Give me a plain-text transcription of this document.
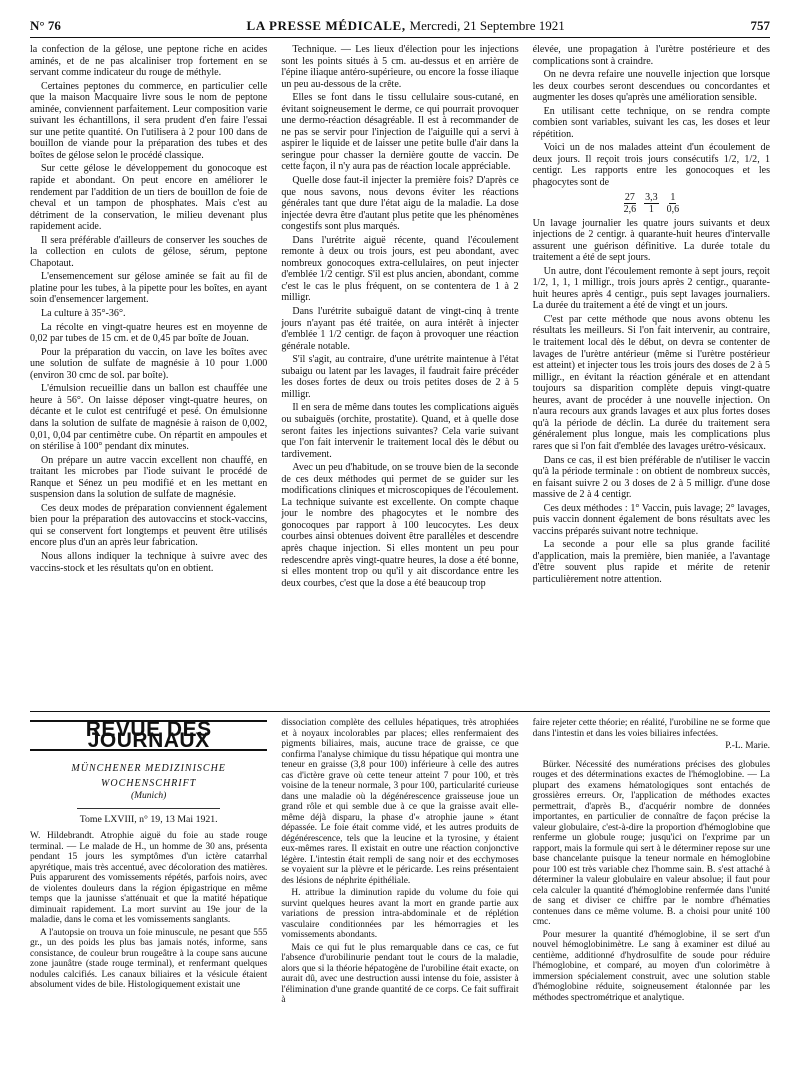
N° 76	LA PRESSE MÉDICALE, Mercredi, 21 Septembre 1921	757

la confection de la gélose, une peptone riche en acides aminés, et de ne pas alcaliniser trop fortement en se servant comme indicateur du rouge de méthyle.

Certaines peptones du commerce, en particulier celle que la maison Macquaire livre sous le nom de peptone aminée, conviennent parfaitement. Leur composition varie suivant les échantillons, il sera prudent d'en faire l'essai sur une petite quantité. On l'utilisera à 2 pour 100 dans de bouillon de viande pour la préparation des tubes et des boîtes de gélose selon le procédé classique.

Sur cette gélose le développement du gonocoque est rapide et abondant. On peut encore en améliorer le rendement par l'addition de un tiers de bouillon de foie de cheval et un tampon de phosphates. Mais c'est au détriment de la conservation, le milieu devenant plus rapidement acide.

Il sera préférable d'ailleurs de conserver les souches de la collection en culots de gélose, sérum, peptone Chapotaut.

L'ensemencement sur gélose aminée se fait au fil de platine pour les tubes, à la pipette pour les boîtes, en ayant soin d'ensemencer largement.

La culture à 35°-36°.

La récolte en vingt-quatre heures est en moyenne de 0,02 par tubes de 15 cm. et de 0,45 par boîte de Jouan.

Pour la préparation du vaccin, on lave les boîtes avec une solution de sulfate de magnésie à 10 pour 1.000 (environ 30 cmc de sol. par boîte).

L'émulsion recueillie dans un ballon est chauffée une heure à 56°. On laisse déposer vingt-quatre heures, on décante et le culot est centrifugé et pesé. On émulsionne dans la solution de sulfate de magnésie à raison de 0,002, 0,01, 0,04 par centimètre cube. On répartit en ampoules et on stérilise à 100° pendant dix minutes.

On prépare un autre vaccin excellent non chauffé, en traitant les microbes par l'iode suivant le procédé de Ranque et Sénez un peu modifié et en les mettant en suspension dans la solution de sulfate de magnésie.

Ces deux modes de préparation conviennent également bien pour la préparation des autovaccins et stock-vaccins, qui se conservent fort longtemps et peuvent être utilisés encore plus d'un an après leur fabrication.

Nous allons indiquer la technique à suivre avec des vaccins-stock et les résultats qu'on en obtient.

Technique. — Les lieux d'élection pour les injections sont les points situés à 5 cm. au-dessus et en arrière de l'épine iliaque antéro-supérieure, ou encore la fosse iliaque un peu au-dessous de la crête.

Elles se font dans le tissu cellulaire sous-cutané, en évitant soigneusement le derme, ce qui pourrait provoquer une dermo-réaction désagréable. Il est à recommander de ne pas se servir pour l'injection de l'aiguille qui a servi à aspirer le liquide et de laisser une petite bulle d'air dans la seringue pour chasser la dernière goutte de vaccin. De cette façon, il n'y aura pas de réaction locale appréciable.

Quelle dose faut-il injecter la première fois? D'après ce que nous savons, nous devons éviter les réactions générales tant que dure l'état aigu de la maladie. La dose injectée devra être d'autant plus petite que les phénomènes congestifs sont plus marqués.

Dans l'urétrite aiguë récente, quand l'écoulement remonte à deux ou trois jours, est peu abondant, avec nombreux gonocoques extra-cellulaires, on peut injecter d'emblée 1/2 centigr. S'il est plus ancien, abondant, comme c'est le cas le plus fréquent, on se contentera de 1 à 2 milligr.

Dans l'urétrite subaiguë datant de vingt-cinq à trente jours n'ayant pas été traitée, on aura intérêt à injecter d'emblée 1 1/2 centigr. de façon à provoquer une réaction générale notable.

S'il s'agit, au contraire, d'une urétrite maintenue à l'état subaigu ou latent par les lavages, il faudrait faire précéder les doses fortes de deux ou trois petites doses de 2 à 5 milligr.

Il en sera de même dans toutes les complications aiguës ou subaiguës (orchite, prostatite). Quand, et à quelle dose seront faites les injections suivantes? Cela varie suivant que l'on fait intervenir le traitement local dès le début ou tardivement.

Avec un peu d'habitude, on se trouve bien de la seconde de ces deux méthodes qui permet de se guider sur les modifications cliniques et microscopiques de l'écoulement. La technique suivante est excellente. On compte chaque jour le nombre des phagocytes et le nombre des gonocoques par rapport à 100 leucocytes. Les deux courbes ainsi obtenues doivent être parallèles et descendre après chaque injection. Si elles montent un peu pour redescendre après vingt-quatre heures, la dose a été bonne, si elles montent trop ou qu'il y ait discordance entre les deux courbes, c'est que la dose a été beaucoup trop

élevée, une propagation à l'urètre postérieure et des complications sont à craindre.

On ne devra refaire une nouvelle injection que lorsque les deux courbes seront descendues ou concordantes et augmenter les doses qu'après une amélioration sensible.

En utilisant cette technique, on se rendra compte combien sont variables, suivant les cas, les doses et leur répétition.

Voici un de nos malades atteint d'un écoulement de deux jours. Il reçoit trois jours consécutifs 1/2, 1/2, 1 centigr. Les rapports entre les gonocoques et les phagocytes sont de

$\frac{27}{2,6} \frac{3,3}{1} \frac{1}{0,6}$

Un lavage journalier les quatre jours suivants et deux injections de 2 centigr. à quarante-huit heures d'intervalle assurent une guérison définitive. La durée totale du traitement a été de sept jours.

Un autre, dont l'écoulement remonte à sept jours, reçoit 1/2, 1, 1, 1 milligr., trois jours après 2 centigr., quarante-huit heures après 4 centigr., puis sept lavages journaliers. La durée du traitement a été de vingt et un jours.

C'est par cette méthode que nous avons obtenu les résultats les meilleurs. Si l'on fait intervenir, au contraire, le traitement local dès le début, on devra se contenter de lavages de l'urètre antérieur (même si l'urètre postérieur est atteint) et injecter tous les trois jours des doses de 2 à 5 milligr., en évitant la réaction générale et en attendant toujours sa disparition complète depuis vingt-quatre heures, avant de procéder à une nouvelle injection. On n'aura recours aux grands lavages et aux plus fortes doses qu'à la période de déclin. La durée du traitement sera généralement plus longue, mais les complications plus rares que si l'on fait d'emblée des lavages urétro-vésicaux.

Dans ce cas, il est bien préférable de n'utiliser le vaccin qu'à la période terminale : on obtient de nombreux succès, en faisant suivre 2 ou 3 doses de 2 à 5 milligr. d'une dose massive de 2 à 4 centigr.

Ces deux méthodes : 1° Vaccin, puis lavage; 2° lavages, puis vaccin donnent également de bons résultats avec les vaccins préparés suivant notre technique.

La seconde a pour elle sa plus grande facilité d'application, mais la première, bien maniée, a l'avantage d'être souvent plus rapide et mérite de retenir particulièrement notre attention.

REVUE DES JOURNAUX
MÜNCHENER MEDIZINISCHE WOCHENSCHRIFT
(Munich)
Tome LXVIII, n° 19, 13 Mai 1921.

W. Hildebrandt. Atrophie aiguë du foie au stade rouge terminal. — Le malade de H., un homme de 30 ans, présenta pendant 15 jours les symptômes d'un ictère catarrhal apyrétique, mais très accentué, avec décoloration des matières. Puis apparurent des vomissements répétés, parfois noirs, avec de violentes douleurs dans la région épigastrique en même temps que la jaunisse s'atténuait et que la matité hépatique diminuait rapidement. La mort survint au 19e jour de la maladie, dans le coma et les vomissements sanglants.

A l'autopsie on trouva un foie minuscule, ne pesant que 555 gr., un des poids les plus bas jamais notés, informe, sans consistance, de couleur brun rougeâtre à la coupe sans aucune zone jaunâtre (stade rouge terminal), et renfermant quelques nodules calcifiés. Les canaux biliaires et la vésicule étaient absolument vides de bile. Histologiquement existait une

dissociation complète des cellules hépatiques, très atrophiées et à noyaux incolorables par places; elles renfermaient des pigments biliaires, mais, aucune trace de graisse, ce que confirma l'analyse chimique du tissu hépatique qui montra une teneur en graisse (3,8 pour 100) inférieure à celle des autres cas d'ictère grave où cette teneur atteint 7 pour 100, et très voisine de la teneur normale, 3 pour 100, particularité curieuse dans une maladie où la dégénérescence graisseuse joue un grand rôle et qui semble due à ce que la graisse avait elle-même déjà disparu, la phase d'« atrophie jaune » étant dépassée. Le foie était comme vidé, et les autres produits de dégénérescence, tels que la leucine et la tyrosine, y étaient eux-mêmes rares. Il existait en outre une réaction conjonctive légère. L'intestin était rempli de sang noir et des ecchymoses se voyaient sur la plèvre et le péricarde. Les reins présentaient des lésions de néphrite épithéliale.

H. attribue la diminution rapide du volume du foie qui survint quelques heures avant la mort en grande partie aux variations de pression intra-abdominale et de réplétion vasculaire conditionnées par les hémorragies et les vomissements abondants.

Mais ce qui fut le plus remarquable dans ce cas, ce fut l'absence d'urobilinurie pendant tout le cours de la maladie, alors que si la théorie hépatogène de l'urobiline était exacte, on aurait dû, avec une destruction aussi intense du foie, assister à l'élimination d'une grande quantité de ce corps. Ce fait suffirait à

faire rejeter cette théorie; en réalité, l'urobiline ne se forme que dans l'intestin et dans les voies biliaires infectées.

P.-L. Marie.

Bürker. Nécessité des numérations précises des globules rouges et des déterminations exactes de l'hémoglobine. — La plupart des examens hématologiques sont entachés de grossières erreurs. Or, l'application de méthodes exactes permettrait, d'après B., d'acquérir nombre de données importantes, en particulier de connaître de façon précise la valeur globulaire, c'est-à-dire la proportion d'hémoglobine que renferme un globule rouge; jusqu'ici on l'exprime par un rapport, mais la formule qui sert à le déterminer repose sur une base chancelante puisque la teneur normale en hémoglobine pour 100 est très variable chez l'homme sain. B. s'est attaché à déterminer la valeur globulaire en valeur absolue; il faut pour cela calculer la quantité d'hémoglobine renfermée dans l'unité de sang et diviser ce chiffre par le nombre d'hématies contenues dans ce même volume. B. a choisi pour unité 100 cmc.

Pour mesurer la quantité d'hémoglobine, il se sert d'un nouvel hémoglobinimètre. Le sang à examiner est dilué au centième, additionné d'hydrosulfite de soude pour réduire l'hémoglobine, et comparé, au moyen d'un colorimètre à immersion spécialement construit, avec une solution stable d'hémoglobine réduite, soigneusement étalonnée par les méthodes spectrométrique et analytique.
